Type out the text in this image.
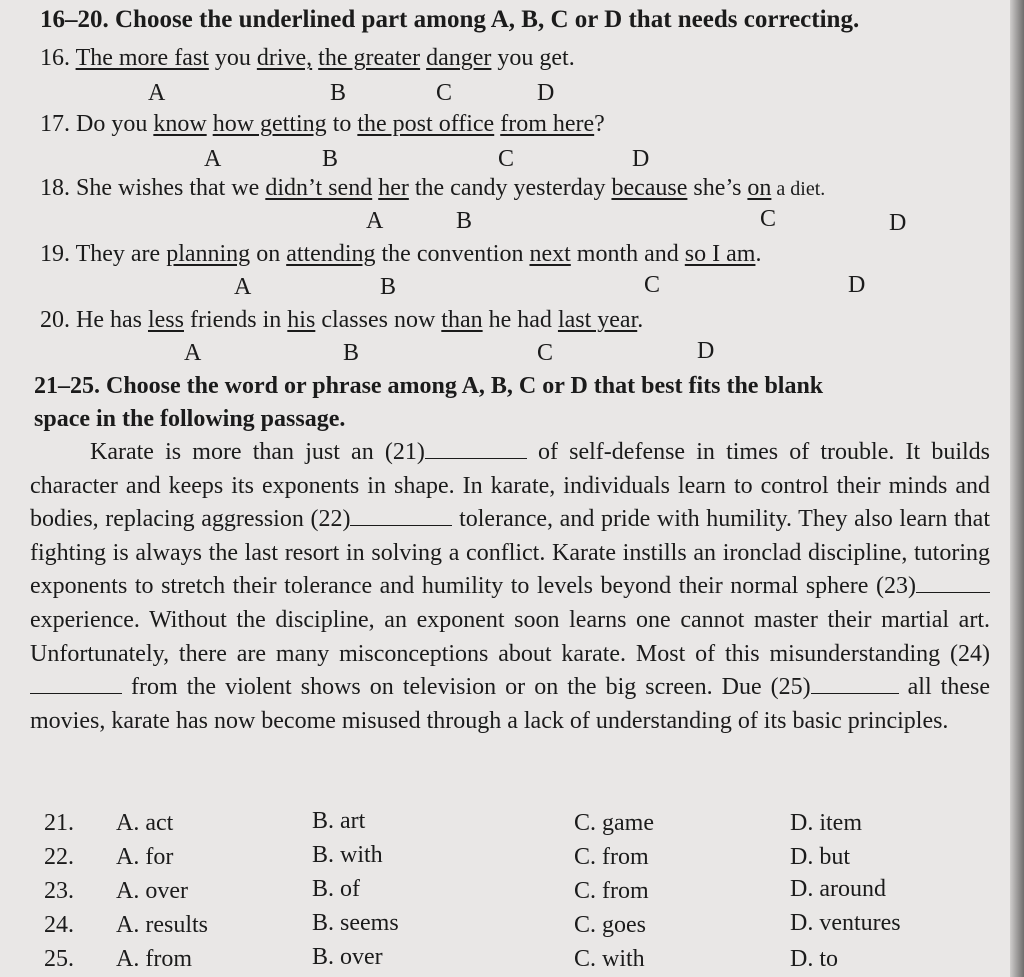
16–20. Choose the underlined part among A, B, C or D that needs correcting.
16. The more fast you drive, the greater danger you get.
A	B	C	D
17. Do you know how getting to the post office from here?
A	B	C	D
18. She wishes that we didn’t send her the candy yesterday because she’s on a diet.
A	B	C	D
19. They are planning on attending the convention next month and so I am.
A	B	C	D
20. He has less friends in his classes now than he had last year.
A	B	C	D
21–25. Choose the word or phrase among A, B, C or D that best fits the blank
space in the following passage.

Karate is more than just an (21)	of self-defense in times of trouble. It builds character and keeps its exponents in shape. In karate, individuals learn to control their minds and bodies, replacing aggression (22)	tolerance, and pride with humility. They also learn that fighting is always the last resort in solving a conflict. Karate instills an ironclad discipline, tutoring exponents to stretch their tolerance and humility to levels beyond their normal sphere (23) experience. Without the discipline, an exponent soon learns one cannot master their martial art. Unfortunately, there are many misconceptions about karate. Most of this misunderstanding (24) from the violent shows on television or on the big screen. Due (25)	all these movies, karate has now become misused through a lack of understanding of its basic principles.

21. A. act	B. art	C. game	D. item
22. A. for	B. with	C. from	D. but
23. A. over	B. of	C. from	D. around
24. A. results	B. seems	C. goes	D. ventures
25. A. from	B. over	C. with	D. to
